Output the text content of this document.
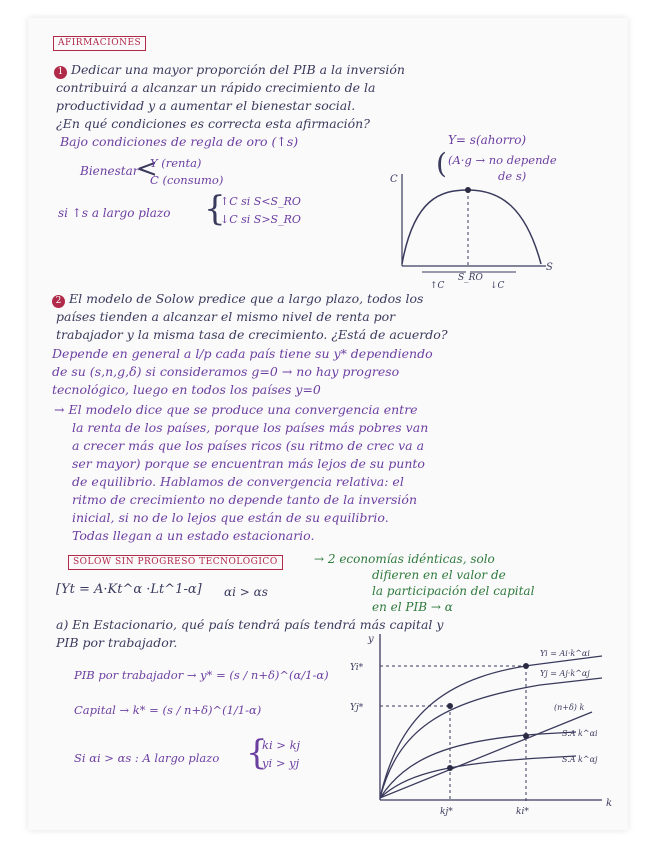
AFIRMACIONES
1 Dedicar una mayor proporción del PIB a la inversión
contribuirá a alcanzar un rápido crecimiento de la
productividad y a aumentar el bienestar social.
¿En qué condiciones es correcta esta afirmación?
Bajo condiciones de regla de oro (↑s)	Y= s(ahorro)
Bienestar
<
Y (renta)
C (consumo)	( (A·g → no depende
de s)
si ↑s a largo plazo {
↑C si S<S_RO
↓C si S>S_RO
C
S
S_RO
↑C	↓C
2 El modelo de Solow predice que a largo plazo, todos los
países tienden a alcanzar el mismo nivel de renta por
trabajador y la misma tasa de crecimiento. ¿Está de acuerdo?
Depende en general a l/p cada país tiene su y* dependiendo
de su (s,n,g,δ) si consideramos g=0 → no hay progreso
tecnológico, luego en todos los países y=0
→ El modelo dice que se produce una convergencia entre
la renta de los países, porque los países más pobres van
a crecer más que los países ricos (su ritmo de crec va a
ser mayor) porque se encuentran más lejos de su punto
de equilibrio. Hablamos de convergencia relativa: el
ritmo de crecimiento no depende tanto de la inversión
inicial, si no de lo lejos que están de su equilibrio.
Todas llegan a un estado estacionario.
SOLOW SIN PROGRESO TECNOLÓGICO	→ 2 economías idénticas, solo
difieren en el valor de
la participación del capital
en el PIB → α
[Yt = A·Kt^α ·Lt^1-α] αi > αs
a) En Estacionario, qué país tendrá país tendrá más capital y
PIB por trabajador.
PIB por trabajador → y* = (s / n+δ)^(α/1-α)
Capital → k* = (s / n+δ)^(1/1-α)
Si αi > αs : A largo plazo {
ki > kj
yi > yj
y
k
Yi*
Yj*
Yi = Ai·k^αi
Yj = Aj·k^αj
(n+δ) k
S.A k^αi
S.A k^αj
kj*	ki*
